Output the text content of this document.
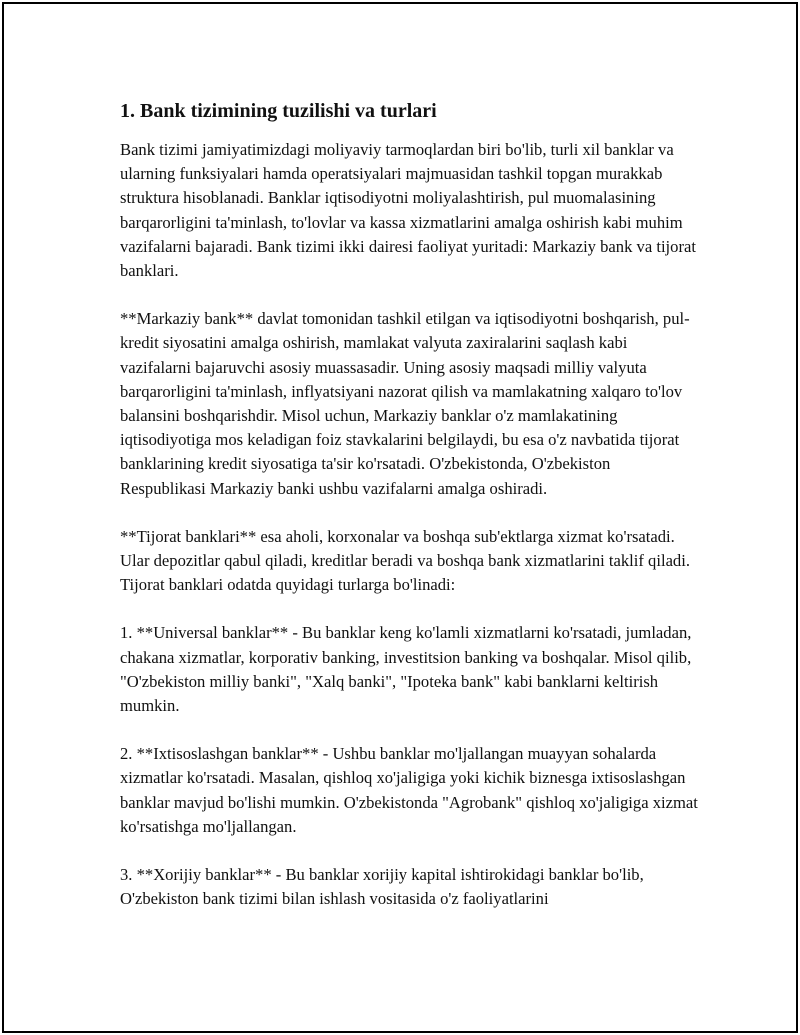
1. Bank tizimining tuzilishi va turlari

Bank tizimi jamiyatimizdagi moliyaviy tarmoqlardan biri bo'lib, turli xil banklar va ularning funksiyalari hamda operatsiyalari majmuasidan tashkil topgan murakkab struktura hisoblanadi. Banklar iqtisodiyotni moliyalashtirish, pul muomalasining barqarorligini ta'minlash, to'lovlar va kassa xizmatlarini amalga oshirish kabi muhim vazifalarni bajaradi. Bank tizimi ikki dairesi faoliyat yuritadi: Markaziy bank va tijorat banklari.

**Markaziy bank** davlat tomonidan tashkil etilgan va iqtisodiyotni boshqarish, pul-kredit siyosatini amalga oshirish, mamlakat valyuta zaxiralarini saqlash kabi vazifalarni bajaruvchi asosiy muassasadir. Uning asosiy maqsadi milliy valyuta barqarorligini ta'minlash, inflyatsiyani nazorat qilish va mamlakatning xalqaro to'lov balansini boshqarishdir. Misol uchun, Markaziy banklar o'z mamlakatining iqtisodiyotiga mos keladigan foiz stavkalarini belgilaydi, bu esa o'z navbatida tijorat banklarining kredit siyosatiga ta'sir ko'rsatadi. O'zbekistonda, O'zbekiston Respublikasi Markaziy banki ushbu vazifalarni amalga oshiradi.

**Tijorat banklari** esa aholi, korxonalar va boshqa sub'ektlarga xizmat ko'rsatadi. Ular depozitlar qabul qiladi, kreditlar beradi va boshqa bank xizmatlarini taklif qiladi. Tijorat banklari odatda quyidagi turlarga bo'linadi:

1. **Universal banklar** - Bu banklar keng ko'lamli xizmatlarni ko'rsatadi, jumladan, chakana xizmatlar, korporativ banking, investitsion banking va boshqalar. Misol qilib, "O'zbekiston milliy banki", "Xalq banki", "Ipoteka bank" kabi banklarni keltirish mumkin.

2. **Ixtisoslashgan banklar** - Ushbu banklar mo'ljallangan muayyan sohalarda xizmatlar ko'rsatadi. Masalan, qishloq xo'jaligiga yoki kichik biznesga ixtisoslashgan banklar mavjud bo'lishi mumkin. O'zbekistonda "Agrobank" qishloq xo'jaligiga xizmat ko'rsatishga mo'ljallangan.

3. **Xorijiy banklar** - Bu banklar xorijiy kapital ishtirokidagi banklar bo'lib, O'zbekiston bank tizimi bilan ishlash vositasida o'z faoliyatlarini
